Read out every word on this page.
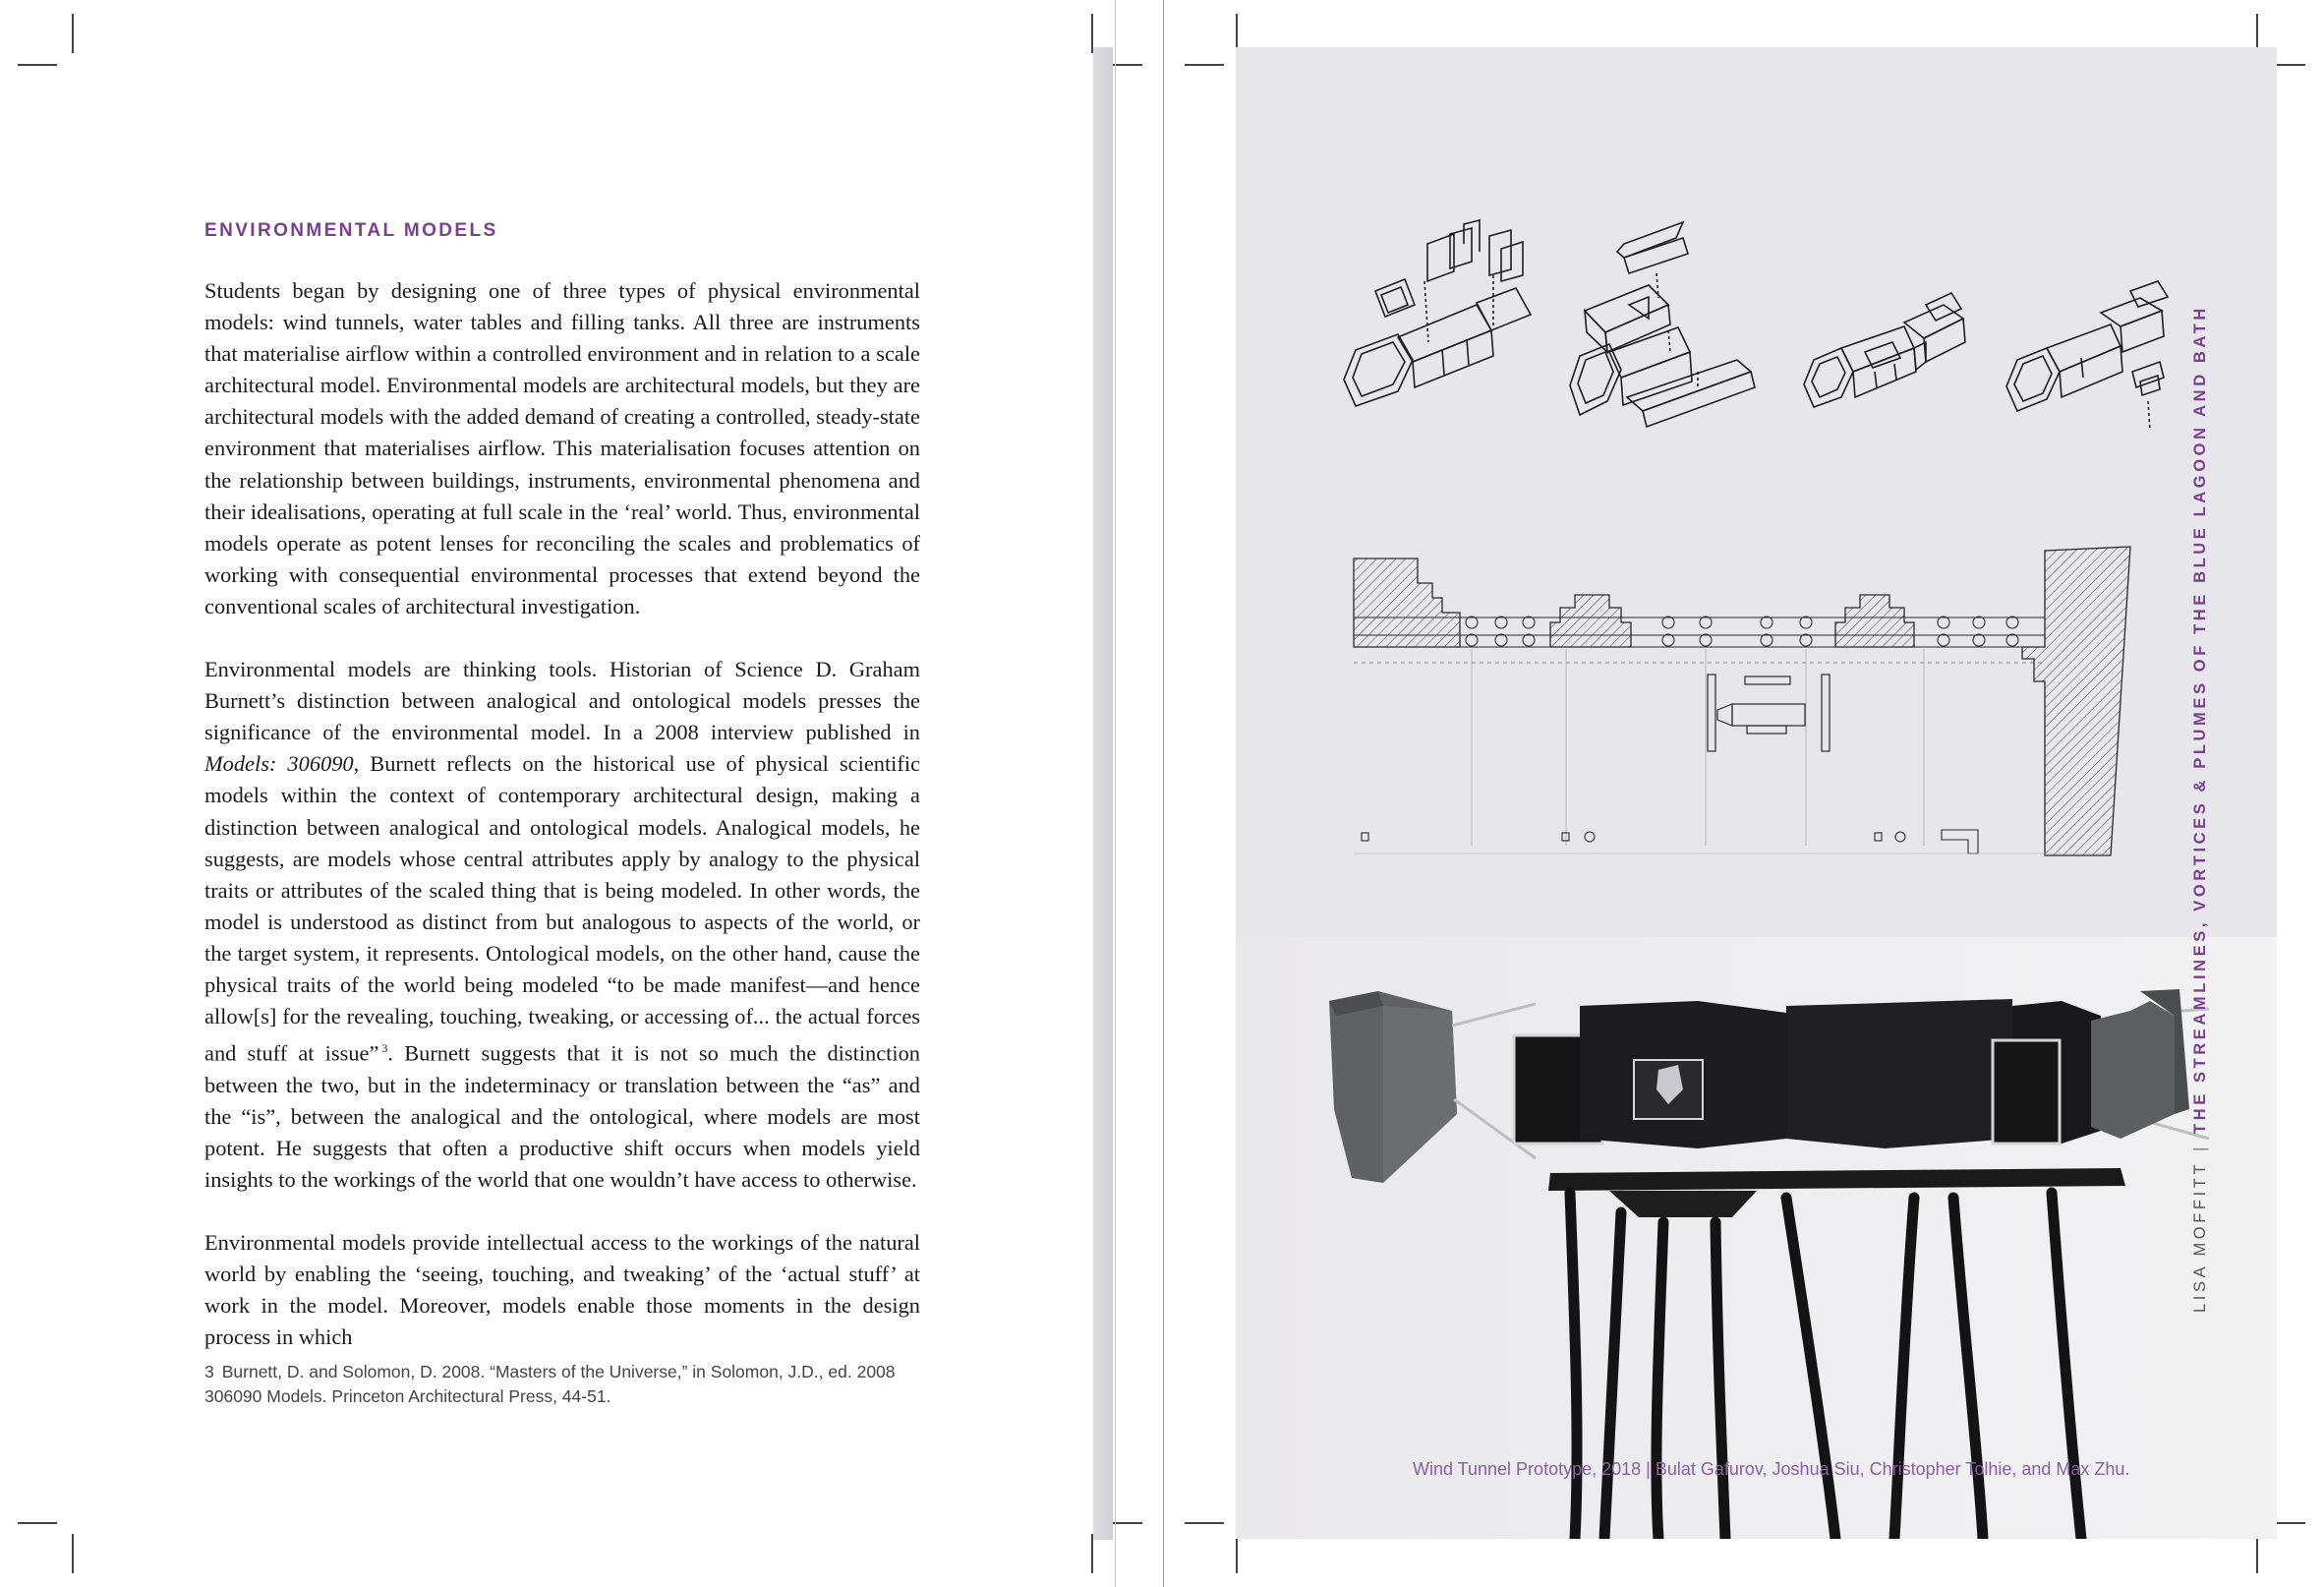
ENVIRONMENTAL MODELS

Students began by designing one of three types of physical environmental models: wind tunnels, water tables and filling tanks. All three are instruments that materialise airflow within a controlled environment and in relation to a scale architectural model. Environmental models are architectural models, but they are architectural models with the added demand of creating a controlled, steady-state environment that materialises airflow. This materialisation focuses attention on the relationship between buildings, instruments, environmental phenomena and their idealisations, operating at full scale in the ‘real’ world. Thus, environmental models operate as potent lenses for reconciling the scales and problematics of working with consequential environmental processes that extend beyond the conventional scales of architectural investigation.

Environmental models are thinking tools. Historian of Science D. Graham Burnett’s distinction between analogical and ontological models presses the significance of the environmental model. In a 2008 interview published in Models: 306090, Burnett reflects on the historical use of physical scientific models within the context of contemporary architectural design, making a distinction between analogical and ontological models. Analogical models, he suggests, are models whose central attributes apply by analogy to the physical traits or attributes of the scaled thing that is being modeled. In other words, the model is understood as distinct from but analogous to aspects of the world, or the target system, it represents. Ontological models, on the other hand, cause the physical traits of the world being modeled “to be made manifest—and hence allow[s] for the revealing, touching, tweaking, or accessing of... the actual forces and stuff at issue” $^3$. Burnett suggests that it is not so much the distinction between the two, but in the indeterminacy or translation between the “as” and the “is”, between the analogical and the ontological, where models are most potent. He suggests that often a productive shift occurs when models yield insights to the workings of the world that one wouldn’t have access to otherwise.

Environmental models provide intellectual access to the workings of the natural world by enabling the ‘seeing, touching, and tweaking’ of the ‘actual stuff’ at work in the model. Moreover, models enable those moments in the design process in which

3 Burnett, D. and Solomon, D. 2008. “Masters of the Universe,” in Solomon, J.D., ed. 2008 306090 Models. Princeton Architectural Press, 44-51.
Wind Tunnel Prototype, 2018 | Bulat Gafurov, Joshua Siu, Christopher Tolhie, and Max Zhu.
LISA MOFFITT|THE STREAMLINES, VORTICES & PLUMES OF THE BLUE LAGOON AND BATH
